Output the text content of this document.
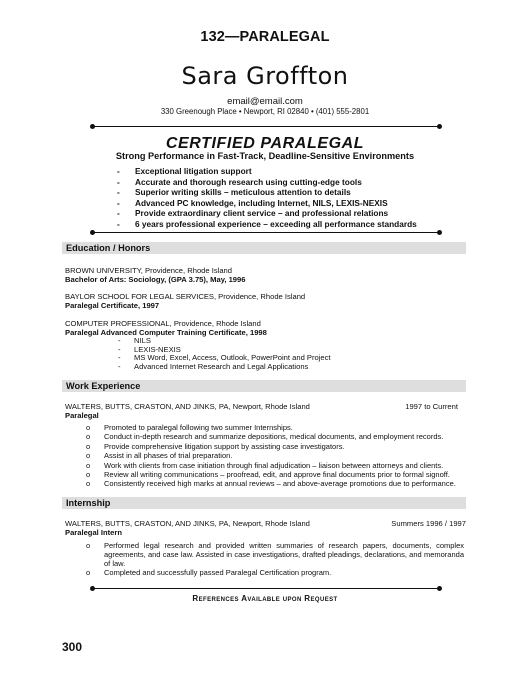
132—PARALEGAL
Sara Groffton
email@email.com
330 Greenough Place • Newport, RI 02840 • (401) 555-2801
CERTIFIED PARALEGAL
Strong Performance in Fast-Track, Deadline-Sensitive Environments
- Exceptional litigation support
- Accurate and thorough research using cutting-edge tools
- Superior writing skills – meticulous attention to details
- Advanced PC knowledge, including Internet, NILS, LEXIS-NEXIS
- Provide extraordinary client service – and professional relations
- 6 years professional experience – exceeding all performance standards
Education / Honors
BROWN UNIVERSITY, Providence, Rhode Island
Bachelor of Arts: Sociology, (GPA 3.75), May, 1996
BAYLOR SCHOOL FOR LEGAL SERVICES, Providence, Rhode Island
Paralegal Certificate, 1997
COMPUTER PROFESSIONAL, Providence, Rhode Island
Paralegal Advanced Computer Training Certificate, 1998
- NILS
- LEXIS-NEXIS
- MS Word, Excel, Access, Outlook, PowerPoint and Project
- Advanced Internet Research and Legal Applications
Work Experience
WALTERS, BUTTS, CRASTON, AND JINKS, PA, Newport, Rhode Island	1997 to Current
Paralegal
o Promoted to paralegal following two summer Internships.
o Conduct in-depth research and summarize depositions, medical documents, and employment records.
o Provide comprehensive litigation support by assisting case investigators.
o Assist in all phases of trial preparation.
o Work with clients from case initiation through final adjudication – liaison between attorneys and clients.
o Review all writing communications – proofread, edit, and approve final documents prior to formal signoff.
o Consistently received high marks at annual reviews – and above-average promotions due to performance.
Internship
WALTERS, BUTTS, CRASTON, AND JINKS, PA, Newport, Rhode Island	Summers 1996 / 1997
Paralegal Intern
o	Performed legal research and provided written summaries of research papers, documents, complex agreements, and case law. Assisted in case investigations, drafted pleadings, declarations, and memoranda of law.
o	Completed and successfully passed Paralegal Certification program.
References Available upon Request
300
